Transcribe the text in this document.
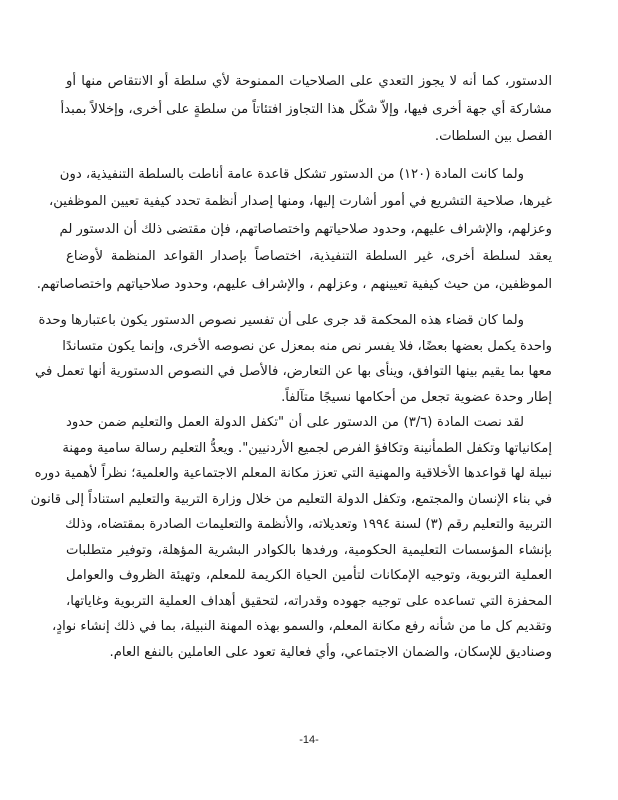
الدستور، كما أنه لا يجوز التعدي على الصلاحيات الممنوحة لأي سلطة أو الانتقاص منها أو
مشاركة أي جهة أخرى فيها، وإلاّ شكّل هذا التجاوز افتئاتاً من سلطةٍ على أخرى، وإخلالاً بمبدأ
الفصل بين السلطات.

ولما كانت المادة (١٢٠) من الدستور تشكل قاعدة عامة أناطت بالسلطة التنفيذية، دون
غيرها، صلاحية التشريع في أمور أشارت إليها، ومنها إصدار أنظمة تحدد كيفية تعيين الموظفين،
وعزلهم، والإشراف عليهم، وحدود صلاحياتهم واختصاصاتهم، فإن مقتضى ذلك أن الدستور لم
يعقد لسلطة أخرى، غير السلطة التنفيذية، اختصاصاً بإصدار القواعد المنظمة لأوضاع
الموظفين، من حيث كيفية تعيينهم ، وعزلهم ، والإشراف عليهم، وحدود صلاحياتهم واختصاصاتهم.

ولما كان قضاء هذه المحكمة قد جرى على أن تفسير نصوص الدستور يكون باعتبارها وحدة
واحدة يكمل بعضها بعضًا، فلا يفسر نص منه بمعزل عن نصوصه الأخرى، وإنما يكون متساندًا
معها بما يقيم بينها التوافق، وينأى بها عن التعارض، فالأصل في النصوص الدستورية أنها تعمل في
إطار وحدة عضوية تجعل من أحكامها نسيجًا متآلفاً.

لقد نصت المادة (٣/٦) من الدستور على أن "تكفل الدولة العمل والتعليم ضمن حدود
إمكانياتها وتكفل الطمأنينة وتكافؤ الفرص لجميع الأردنيين". ويعدُّ التعليم رسالة سامية ومهنة
نبيلة لها قواعدها الأخلاقية والمهنية التي تعزز مكانة المعلم الاجتماعية والعلمية؛ نظراً لأهمية دوره
في بناء الإنسان والمجتمع، وتكفل الدولة التعليم من خلال وزارة التربية والتعليم استناداً إلى قانون
التربية والتعليم رقم (٣) لسنة ١٩٩٤ وتعديلاته، والأنظمة والتعليمات الصادرة بمقتضاه، وذلك
بإنشاء المؤسسات التعليمية الحكومية، ورفدها بالكوادر البشرية المؤهلة، وتوفير متطلبات
العملية التربوية، وتوجيه الإمكانات لتأمين الحياة الكريمة للمعلم، وتهيئة الظروف والعوامل
المحفزة التي تساعده على توجيه جهوده وقدراته، لتحقيق أهداف العملية التربوية وغاياتها،
وتقديم كل ما من شأنه رفع مكانة المعلم، والسمو بهذه المهنة النبيلة، بما في ذلك إنشاء نوادٍ،
وصناديق للإسكان، والضمان الاجتماعي، وأي فعالية تعود على العاملين بالنفع العام.

-14-
